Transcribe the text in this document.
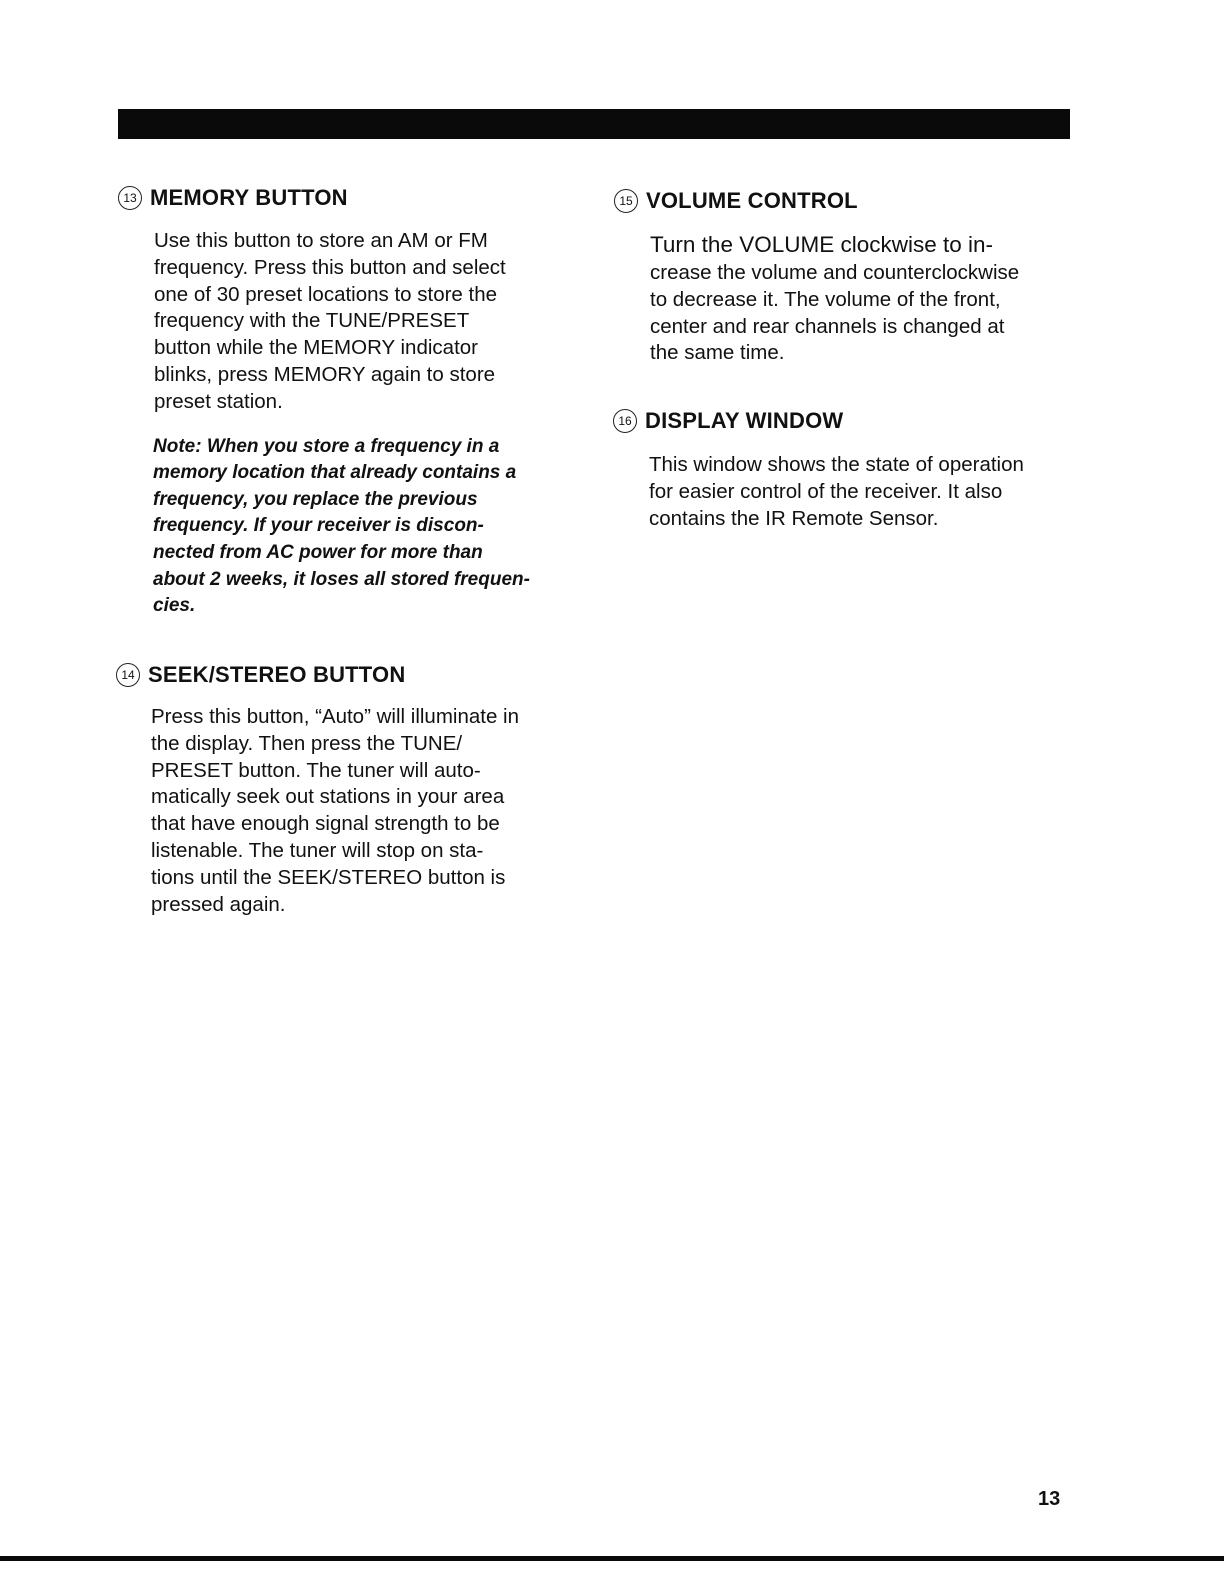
13 MEMORY BUTTON
Use this button to store an AM or FM
frequency. Press this button and select
one of 30 preset locations to store the
frequency with the TUNE/PRESET
button while the MEMORY indicator
blinks, press MEMORY again to store
preset station.
Note: When you store a frequency in a
memory location that already contains a
frequency, you replace the previous
frequency. If your receiver is discon-
nected from AC power for more than
about 2 weeks, it loses all stored frequen-
cies.
14 SEEK/STEREO BUTTON
Press this button, “Auto” will illuminate in
the display. Then press the TUNE/
PRESET button. The tuner will auto-
matically seek out stations in your area
that have enough signal strength to be
listenable. The tuner will stop on sta-
tions until the SEEK/STEREO button is
pressed again.
15 VOLUME CONTROL
Turn the VOLUME clockwise to in-
crease the volume and counterclockwise
to decrease it. The volume of the front,
center and rear channels is changed at
the same time.
16 DISPLAY WINDOW
This window shows the state of operation
for easier control of the receiver. It also
contains the IR Remote Sensor.
13
